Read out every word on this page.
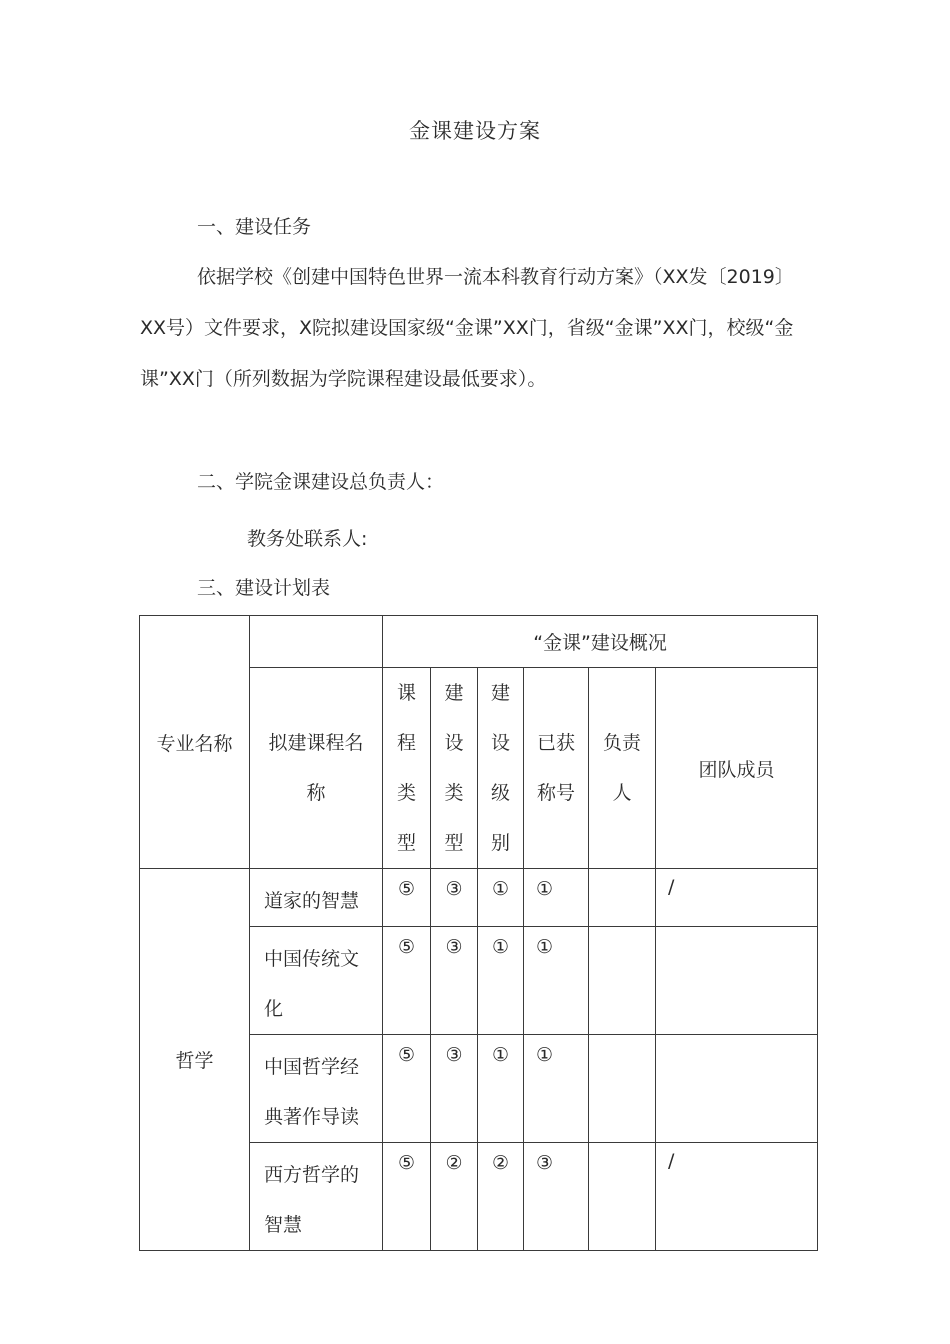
金课建设方案
一、建设任务
依据学校《创建中国特色世界一流本科教育行动方案》（XX发〔2019〕XX号）文件要求，X院拟建设国家级“金课”XX门，省级“金课”XX门，校级“金课”XX门（所列数据为学院课程建设最低要求）。
二、学院金课建设总负责人：
教务处联系人:
三、建设计划表
专业名称		“金课”建设概况					
	拟建课程名称	课程类型	建设类型	建设级别	已获称号	负责人	团队成员
哲学	道家的智慧	⑤	③	①	①		/
	中国传统文化	⑤	③	①	①		
	中国哲学经典著作导读	⑤	③	①	①		
	西方哲学的智慧	⑤	②	②	③		/
